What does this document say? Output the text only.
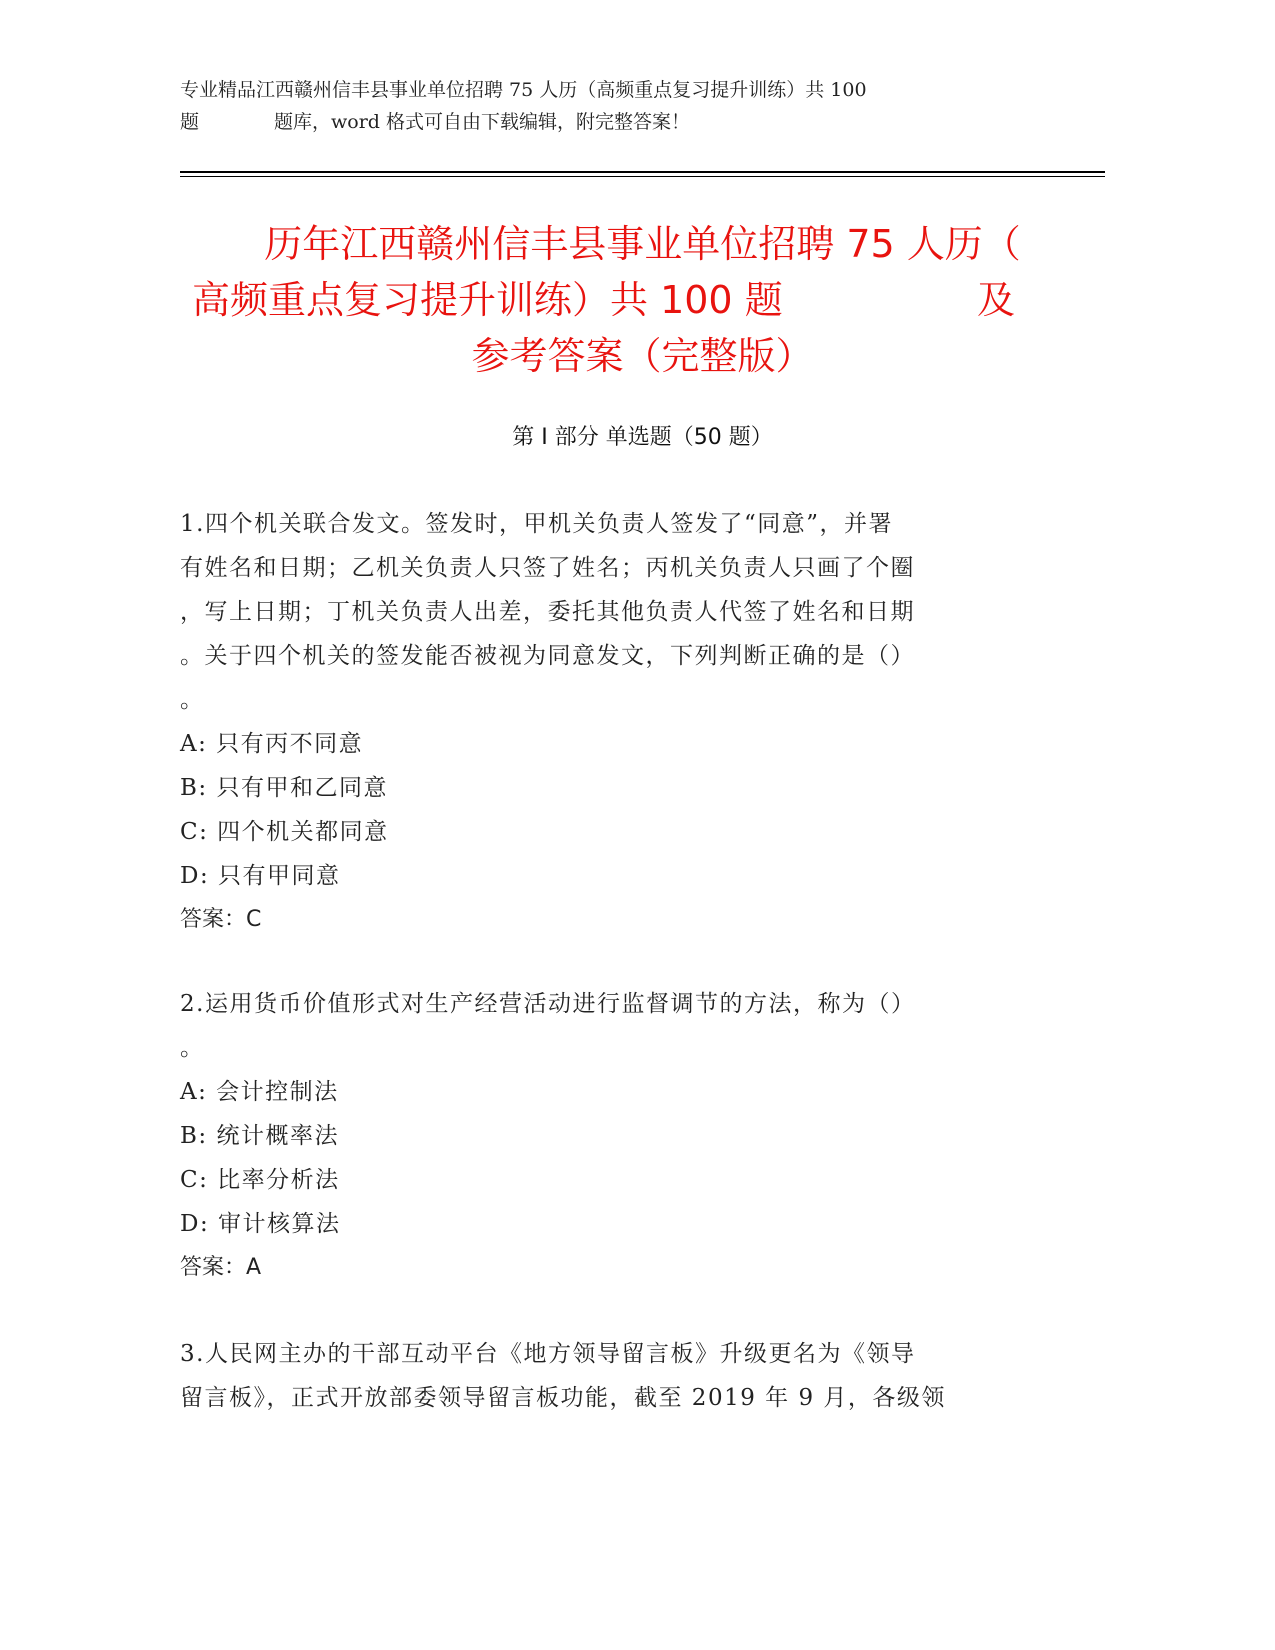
专业精品江西赣州信丰县事业单位招聘 75 人历（高频重点复习提升训练）共 100
题	题库，word 格式可自由下载编辑，附完整答案！
历年江西赣州信丰县事业单位招聘 75 人历（
高频重点复习提升训练）共 100 题	及
参考答案（完整版）
第 I 部分 单选题（50 题）
1.四个机关联合发文。签发时，甲机关负责人签发了“同意”，并署
有姓名和日期；乙机关负责人只签了姓名；丙机关负责人只画了个圈
，写上日期；丁机关负责人出差，委托其他负责人代签了姓名和日期
。关于四个机关的签发能否被视为同意发文，下列判断正确的是（）
。
A: 只有丙不同意
B: 只有甲和乙同意
C: 四个机关都同意
D: 只有甲同意
答案：C
2.运用货币价值形式对生产经营活动进行监督调节的方法，称为（）
。
A: 会计控制法
B: 统计概率法
C: 比率分析法
D: 审计核算法
答案：A
3.人民网主办的干部互动平台《地方领导留言板》升级更名为《领导
留言板》，正式开放部委领导留言板功能，截至 2019 年 9 月，各级领
